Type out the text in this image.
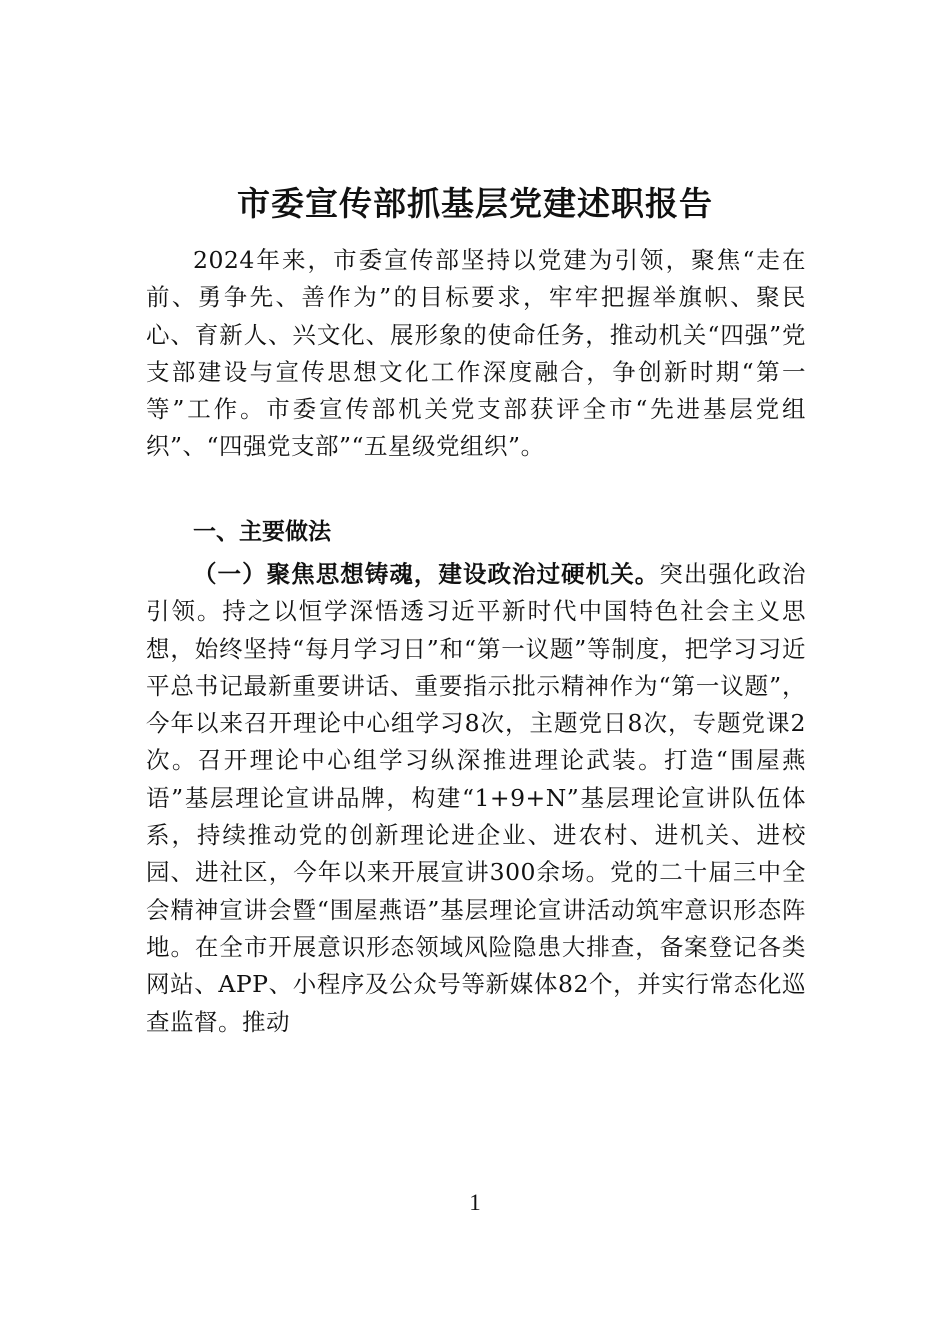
市委宣传部抓基层党建述职报告

2024年来，市委宣传部坚持以党建为引领，聚焦“走在前、勇争先、善作为”的目标要求，牢牢把握举旗帜、聚民心、育新人、兴文化、展形象的使命任务，推动机关“四强”党支部建设与宣传思想文化工作深度融合，争创新时期“第一等”工作。市委宣传部机关党支部获评全市“先进基层党组织”、“四强党支部”“五星级党组织”。

一、主要做法

（一）聚焦思想铸魂，建设政治过硬机关。突出强化政治引领。持之以恒学深悟透习近平新时代中国特色社会主义思想，始终坚持“每月学习日”和“第一议题”等制度，把学习习近平总书记最新重要讲话、重要指示批示精神作为“第一议题”，今年以来召开理论中心组学习8次，主题党日8次，专题党课2次。召开理论中心组学习纵深推进理论武装。打造“围屋燕语”基层理论宣讲品牌，构建“1+9+N”基层理论宣讲队伍体系，持续推动党的创新理论进企业、进农村、进机关、进校园、进社区，今年以来开展宣讲300余场。党的二十届三中全会精神宣讲会暨“围屋燕语”基层理论宣讲活动筑牢意识形态阵地。在全市开展意识形态领域风险隐患大排查，备案登记各类网站、APP、小程序及公众号等新媒体82个，并实行常态化巡查监督。推动

1
